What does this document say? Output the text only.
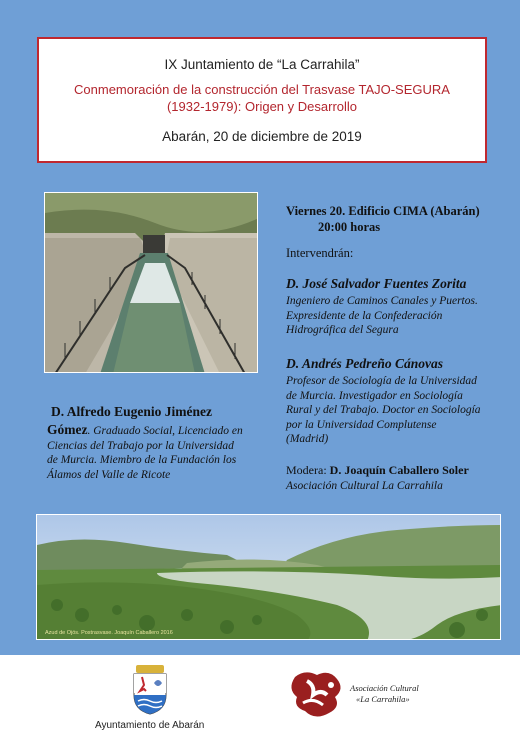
IX Juntamiento de “La Carrahila”
Conmemoración de la construcción del Trasvase TAJO-SEGURA
(1932-1979): Origen y Desarrollo
Abarán, 20 de diciembre de 2019
Viernes 20. Edificio CIMA (Abarán)
20:00 horas
Intervendrán:
D. José Salvador Fuentes Zorita
Ingeniero de Caminos Canales y Puertos.
Expresidente de la Confederación
Hidrográfica del Segura
D. Andrés Pedreño Cánovas
Profesor de Sociología de la Universidad
de Murcia. Investigador en Sociología
Rural y del Trabajo. Doctor en Sociología
por la Universidad Complutense
(Madrid)
D. Alfredo Eugenio Jiménez
Gómez. Graduado Social, Licenciado en
Ciencias del Trabajo por la Universidad
de Murcia. Miembro de la Fundación los
Álamos del Valle de Ricote	Modera: D. Joaquín Caballero Soler
Asociación Cultural La Carrahila
Azud de Ojós. Postrasvase. Joaquín Caballero 2016
Ayuntamiento de Abarán
Asociación Cultural
«La Carrahila»
